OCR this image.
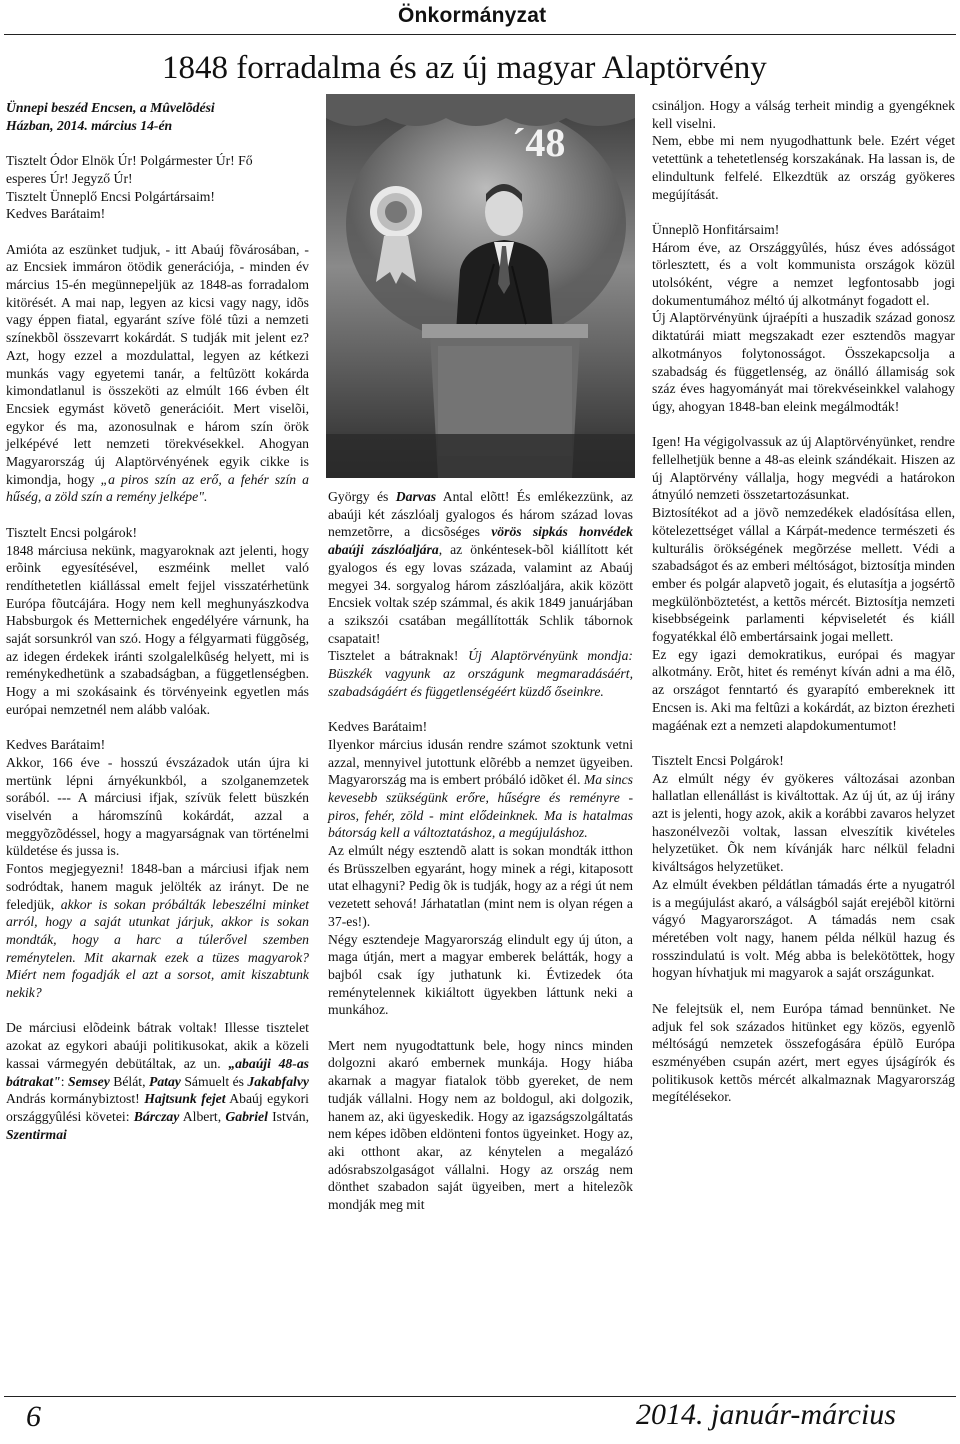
Önkormányzat
1848 forradalma és az új magyar Alaptörvény

Ünnepi beszéd Encsen, a Mûvelõdési

Házban, 2014. március 14-én

Tisztelt Ódor Elnök Úr! Polgármester Úr! Fő

esperes Úr! Jegyző Úr!

Tisztelt Ünneplő Encsi Polgártársaim!

Kedves Barátaim!

Amióta az eszünket tudjuk, - itt Abaúj fõvárosában, - az Encsiek immáron ötödik generációja, - minden év március 15-én megünnepeljük az 1848-as forradalom kitörését. A mai nap, legyen az kicsi vagy nagy, idõs vagy éppen fiatal, egyaránt szíve fölé tûzi a nemzeti színekbõl összevarrt kokárdát. S tudják mit jelent ez? Azt, hogy ezzel a mozdulattal, legyen az kétkezi munkás vagy egyetemi tanár, a feltûzött kokárda kimondatlanul is összeköti az elmúlt 166 évben élt Encsiek egymást követõ generációit. Mert viselõi, egykor és ma, azonosulnak e három szín örök jelképévé lett nemzeti törekvésekkel. Ahogyan Magyarország új Alaptörvényének egyik cikke is kimondja, hogy „a piros szín az erő, a fehér szín a hűség, a zöld szín a remény jelképe".

Tisztelt Encsi polgárok!

1848 márciusa nekünk, magyaroknak azt jelenti, hogy erõink egyesítésével, eszméink mellet való rendíthetetlen kiállással emelt fejjel visszatérhetünk Európa fõutcájára. Hogy nem kell meghunyászkodva Habsburgok és Metternichek engedélyére várnunk, ha saját sorsunkról van szó. Hogy a félgyarmati függõség, az idegen érdekek iránti szolgalelkûség helyett, mi is reménykedhetünk a szabadságban, a függetlenségben. Hogy a mi szokásaink és törvényeink egyetlen más európai nemzetnél nem alább valóak.

Kedves Barátaim!

Akkor, 166 éve - hosszú évszázadok után újra ki mertünk lépni árnyékunkból, a szolganemzetek sorából. --- A márciusi ifjak, szívük felett büszkén viselvén a háromszínû kokárdát, azzal a meggyõzõdéssel, hogy a magyarságnak van történelmi küldetése és jussa is.

Fontos megjegyezni! 1848-ban a márciusi ifjak nem sodródtak, hanem maguk jelölték az irányt. De ne feledjük, akkor is sokan próbálták lebeszélni minket arról, hogy a saját utunkat járjuk, akkor is sokan mondták, hogy a harc a túlerővel szemben reménytelen. Mit akarnak ezek a tüzes magyarok? Miért nem fogadják el azt a sorsot, amit kiszabtunk nekik?

De márciusi elõdeink bátrak voltak! Illesse tisztelet azokat az egykori abaúji politikusokat, akik a közeli kassai vármegyén debütáltak, az un. „abaúji 48-as bátrakat": Semsey Bélát, Patay Sámuelt és Jakabfalvy András kormánybiztost! Hajtsunk fejet Abaúj egykori országgyûlési követei: Bárczay Albert, Gabriel István, Szentirmai

´48

György és Darvas Antal elõtt! És emlékezzünk, az abaúji két zászlóalj gyalogos és három század lovas nemzetõrre, a dicsõséges vörös sipkás honvédek abaúji zászlóaljára, az önkéntesek-bõl kiállított két gyalogos és egy lovas százada, valamint az Abaúj megyei 34. sorgyalog három zászlóaljára, akik között Encsiek voltak szép számmal, és akik 1849 januárjában a szikszói csatában megállították Schlik tábornok csapatait!

Tisztelet a bátraknak! Új Alaptörvényünk mondja: Büszkék vagyunk az országunk megmaradásáért, szabadságáért és függetlenségéért küzdő őseinkre.

Kedves Barátaim!

Ilyenkor március idusán rendre számot szoktunk vetni azzal, mennyivel jutottunk elõrébb a nemzet ügyeiben. Magyarország ma is embert próbáló idõket él. Ma sincs kevesebb szükségünk erőre, hűségre és reményre - piros, fehér, zöld - mint elődeinknek. Ma is hatalmas bátorság kell a változtatáshoz, a megújuláshoz.

Az elmúlt négy esztendõ alatt is sokan mondták itthon és Brüsszelben egyaránt, hogy minek a régi, kitaposott utat elhagyni? Pedig õk is tudják, hogy az a régi út nem vezetett sehová! Járhatatlan (mint nem is olyan régen a 37-es!).

Négy esztendeje Magyarország elindult egy új úton, a maga útján, mert a magyar emberek belátták, hogy a bajból csak így juthatunk ki. Évtizedek óta reménytelennek kikiáltott ügyekben láttunk neki a munkához.

Mert nem nyugodtattunk bele, hogy nincs minden dolgozni akaró embernek munkája. Hogy hiába akarnak a magyar fiatalok több gyereket, de nem tudják vállalni. Hogy nem az boldogul, aki dolgozik, hanem az, aki ügyeskedik. Hogy az igazságszolgáltatás nem képes idõben eldönteni fontos ügyeinket. Hogy az, aki otthont akar, az kénytelen a megalázó adósrabszolgaságot vállalni. Hogy az ország nem dönthet szabadon saját ügyeiben, mert a hitelezõk mondják meg mit

csináljon. Hogy a válság terheit mindig a gyengéknek kell viselni.

Nem, ebbe mi nem nyugodhattunk bele. Ezért véget vetettünk a tehetetlenség korszakának. Ha lassan is, de elindultunk felfelé. Elkezdtük az ország gyökeres megújítását.

Ünneplõ Honfitársaim!

Három éve, az Országgyûlés, húsz éves adósságot törlesztett, és a volt kommunista országok közül utolsóként, végre a nemzet legfontosabb jogi dokumentumához méltó új alkotmányt fogadott el.

Új Alaptörvényünk újraépíti a huszadik század gonosz diktatúrái miatt megszakadt ezer esztendõs magyar alkotmányos folytonosságot. Összekapcsolja a szabadság és függetlenség, az önálló államiság sok száz éves hagyományát mai törekvéseinkkel valahogy úgy, ahogyan 1848-ban eleink megálmodták!

Igen! Ha végigolvassuk az új Alaptörvényünket, rendre fellelhetjük benne a 48-as eleink szándékait. Hiszen az új Alaptörvény vállalja, hogy megvédi a határokon átnyúló nemzeti összetartozásunkat.

Biztosítékot ad a jövõ nemzedékek eladósítása ellen, kötelezettséget vállal a Kárpát-medence természeti és kulturális örökségének megõrzése mellett. Védi a szabadságot és az emberi méltóságot, biztosítja minden ember és polgár alapvetõ jogait, és elutasítja a jogsértõ megkülönböztetést, a kettõs mércét. Biztosítja nemzeti kisebbségeink parlamenti képviseletét és kiáll fogyatékkal élõ embertársaink jogai mellett.

Ez egy igazi demokratikus, európai és magyar alkotmány. Erõt, hitet és reményt kíván adni a ma élõ, az országot fenntartó és gyarapító embereknek itt Encsen is. Aki ma feltûzi a kokárdát, az bizton érezheti magáénak ezt a nemzeti alapdokumentumot!

Tisztelt Encsi Polgárok!

Az elmúlt négy év gyökeres változásai azonban hallatlan ellenállást is kiváltottak. Az új út, az új irány azt is jelenti, hogy azok, akik a korábbi zavaros helyzet haszonélvezõi voltak, lassan elveszítik kivételes helyzetüket. Õk nem kívánják harc nélkül feladni kiváltságos helyzetüket.

Az elmúlt években példátlan támadás érte a nyugatról is a megújulást akaró, a válságból saját erejébõl kitörni vágyó Magyarországot. A támadás nem csak méretében volt nagy, hanem példa nélkül hazug és rosszindulatú is volt. Még abba is belekötöttek, hogy hogyan hívhatjuk mi magyarok a saját országunkat.

Ne felejtsük el, nem Európa támad bennünket. Ne adjuk fel sok százados hitünket egy közös, egyenlõ méltóságú nemzetek összefogására épülõ Európa eszményében csupán azért, mert egyes újságírók és politikusok kettõs mércét alkalmaznak Magyarország megítélésekor.

6	2014. január-március
